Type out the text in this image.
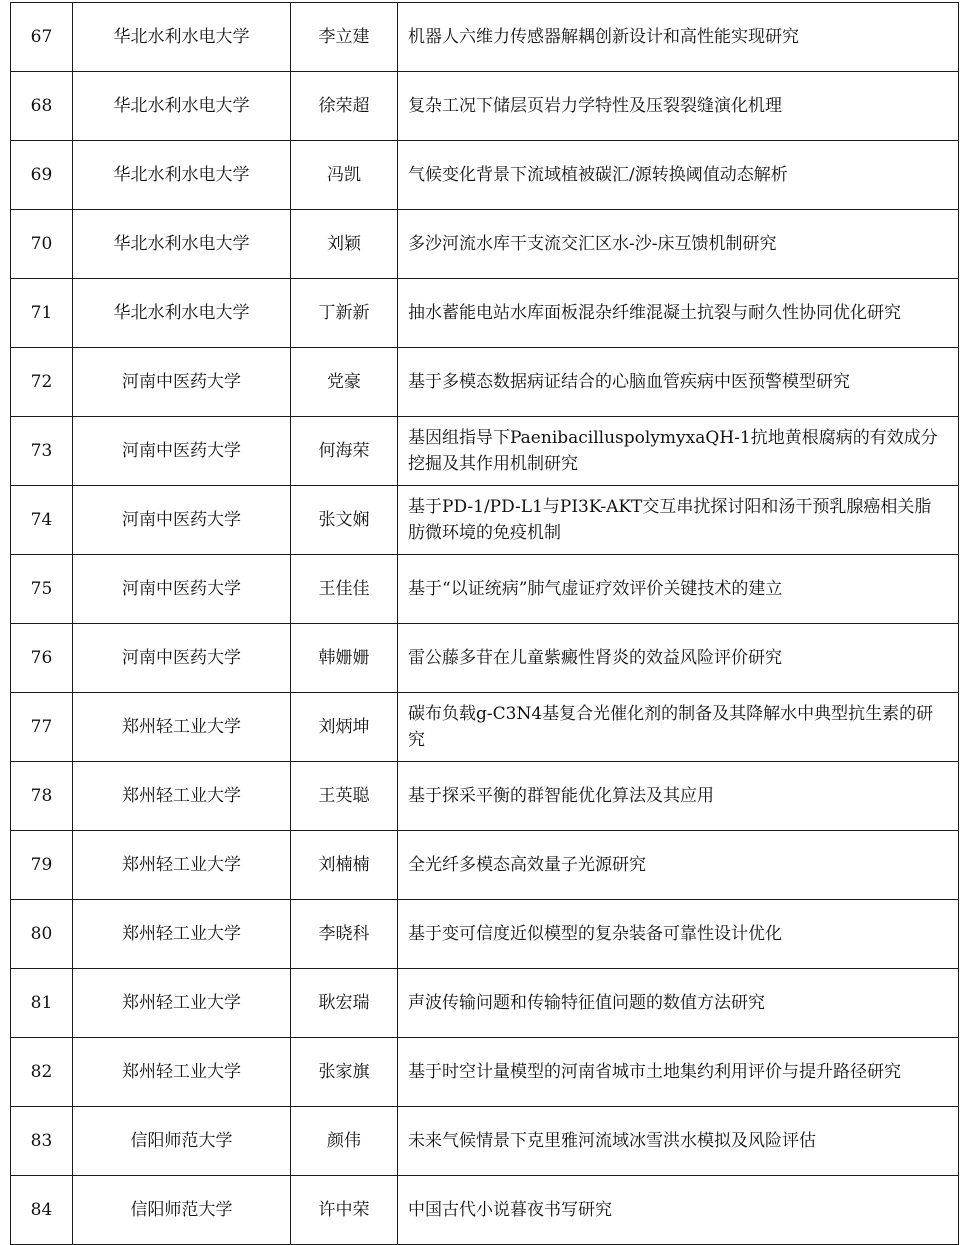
67	华北水利水电大学	李立建	机器人六维力传感器解耦创新设计和高性能实现研究
68	华北水利水电大学	徐荣超	复杂工况下储层页岩力学特性及压裂裂缝演化机理
69	华北水利水电大学	冯凯	气候变化背景下流域植被碳汇/源转换阈值动态解析
70	华北水利水电大学	刘颖	多沙河流水库干支流交汇区水-沙-床互馈机制研究
71	华北水利水电大学	丁新新	抽水蓄能电站水库面板混杂纤维混凝土抗裂与耐久性协同优化研究
72	河南中医药大学	党豪	基于多模态数据病证结合的心脑血管疾病中医预警模型研究
73	河南中医药大学	何海荣	基因组指导下PaenibacilluspolymyxaQH-1抗地黄根腐病的有效成分挖掘及其作用机制研究
74	河南中医药大学	张文娴	基于PD-1/PD-L1与PI3K-AKT交互串扰探讨阳和汤干预乳腺癌相关脂肪微环境的免疫机制
75	河南中医药大学	王佳佳	基于“以证统病”肺气虚证疗效评价关键技术的建立
76	河南中医药大学	韩姗姗	雷公藤多苷在儿童紫癜性肾炎的效益风险评价研究
77	郑州轻工业大学	刘炳坤	碳布负载g-C3N4基复合光催化剂的制备及其降解水中典型抗生素的研究
78	郑州轻工业大学	王英聪	基于探采平衡的群智能优化算法及其应用
79	郑州轻工业大学	刘楠楠	全光纤多模态高效量子光源研究
80	郑州轻工业大学	李晓科	基于变可信度近似模型的复杂装备可靠性设计优化
81	郑州轻工业大学	耿宏瑞	声波传输问题和传输特征值问题的数值方法研究
82	郑州轻工业大学	张家旗	基于时空计量模型的河南省城市土地集约利用评价与提升路径研究
83	信阳师范大学	颜伟	未来气候情景下克里雅河流域冰雪洪水模拟及风险评估
84	信阳师范大学	许中荣	中国古代小说暮夜书写研究
